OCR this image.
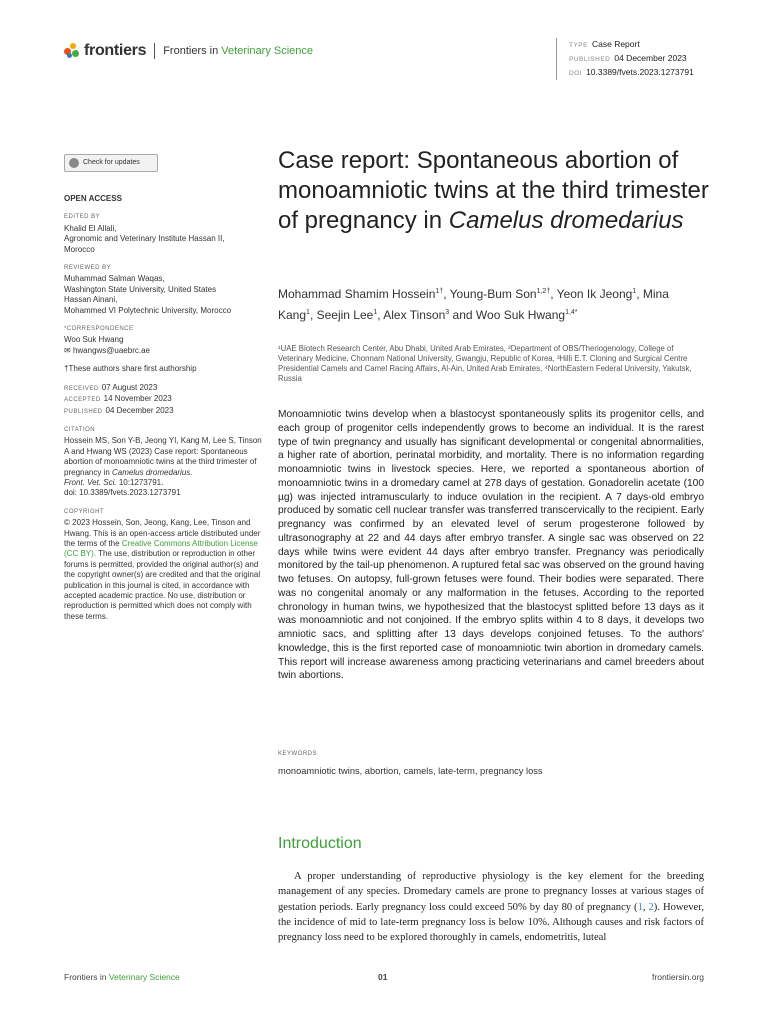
frontiers Frontiers in Veterinary Science	TYPE Case Report
PUBLISHED 04 December 2023
DOI 10.3389/fvets.2023.1273791
Check for updates
OPEN ACCESS
EDITED BY
Khalid El Allali,
Agronomic and Veterinary Institute Hassan II,
Morocco
REVIEWED BY
Muhammad Salman Waqas,
Washington State University, United States
Hassan Ainani,
Mohammed VI Polytechnic University, Morocco
*CORRESPONDENCE
Woo Suk Hwang
✉ hwangws@uaebrc.ae
†These authors share first authorship
RECEIVED 07 August 2023
ACCEPTED 14 November 2023
PUBLISHED 04 December 2023
CITATION
Hossein MS, Son Y-B, Jeong YI, Kang M, Lee S, Tinson A and Hwang WS (2023) Case report: Spontaneous abortion of monoamniotic twins at the third trimester of pregnancy in Camelus dromedarius.
Front. Vet. Sci. 10:1273791.
doi: 10.3389/fvets.2023.1273791
COPYRIGHT
© 2023 Hossein, Son, Jeong, Kang, Lee, Tinson and Hwang. This is an open-access article distributed under the terms of the Creative Commons Attribution License (CC BY). The use, distribution or reproduction in other forums is permitted, provided the original author(s) and the copyright owner(s) are credited and that the original publication in this journal is cited, in accordance with accepted academic practice. No use, distribution or reproduction is permitted which does not comply with these terms.
Case report: Spontaneous abortion of monoamniotic twins at the third trimester of pregnancy in Camelus dromedarius
Mohammad Shamim Hossein$^{1\dagger}$, Young-Bum Son$^{1,2\dagger}$, Yeon Ik Jeong$^1$, Mina Kang$^1$, Seejin Lee$^1$, Alex Tinson$^3$ and Woo Suk Hwang$^{1,4*}$
¹UAE Biotech Research Center, Abu Dhabi, United Arab Emirates, ²Department of OBS/Theriogenology, College of Veterinary Medicine, Chonnam National University, Gwangju, Republic of Korea, ³Hilli E.T. Cloning and Surgical Centre Presidential Camels and Camel Racing Affairs, Al-Ain, United Arab Emirates, ⁴NorthEastern Federal University, Yakutsk, Russia
Monoamniotic twins develop when a blastocyst spontaneously splits its progenitor cells, and each group of progenitor cells independently grows to become an individual. It is the rarest type of twin pregnancy and usually has significant developmental or congenital abnormalities, a higher rate of abortion, perinatal morbidity, and mortality. There is no information regarding monoamniotic twins in livestock species. Here, we reported a spontaneous abortion of monoamniotic twins in a dromedary camel at 278 days of gestation. Gonadorelin acetate (100 µg) was injected intramuscularly to induce ovulation in the recipient. A 7 days-old embryo produced by somatic cell nuclear transfer was transferred transcervically to the recipient. Early pregnancy was confirmed by an elevated level of serum progesterone followed by ultrasonography at 22 and 44 days after embryo transfer. A single sac was observed on 22 days while twins were evident 44 days after embryo transfer. Pregnancy was periodically monitored by the tail-up phenomenon. A ruptured fetal sac was observed on the ground having two fetuses. On autopsy, full-grown fetuses were found. Their bodies were separated. There was no congenital anomaly or any malformation in the fetuses. According to the reported chronology in human twins, we hypothesized that the blastocyst splitted before 13 days as it was monoamniotic and not conjoined. If the embryo splits within 4 to 8 days, it develops two amniotic sacs, and splitting after 13 days develops conjoined fetuses. To the authors' knowledge, this is the first reported case of monoamniotic twin abortion in dromedary camels. This report will increase awareness among practicing veterinarians and camel breeders about twin abortions.
KEYWORDS
monoamniotic twins, abortion, camels, late-term, pregnancy loss
Introduction
A proper understanding of reproductive physiology is the key element for the breeding management of any species. Dromedary camels are prone to pregnancy losses at various stages of gestation periods. Early pregnancy loss could exceed 50% by day 80 of pregnancy (1, 2). However, the incidence of mid to late-term pregnancy loss is below 10%. Although causes and risk factors of pregnancy loss need to be explored thoroughly in camels, endometritis, luteal
Frontiers in Veterinary Science	01	frontiersin.org
